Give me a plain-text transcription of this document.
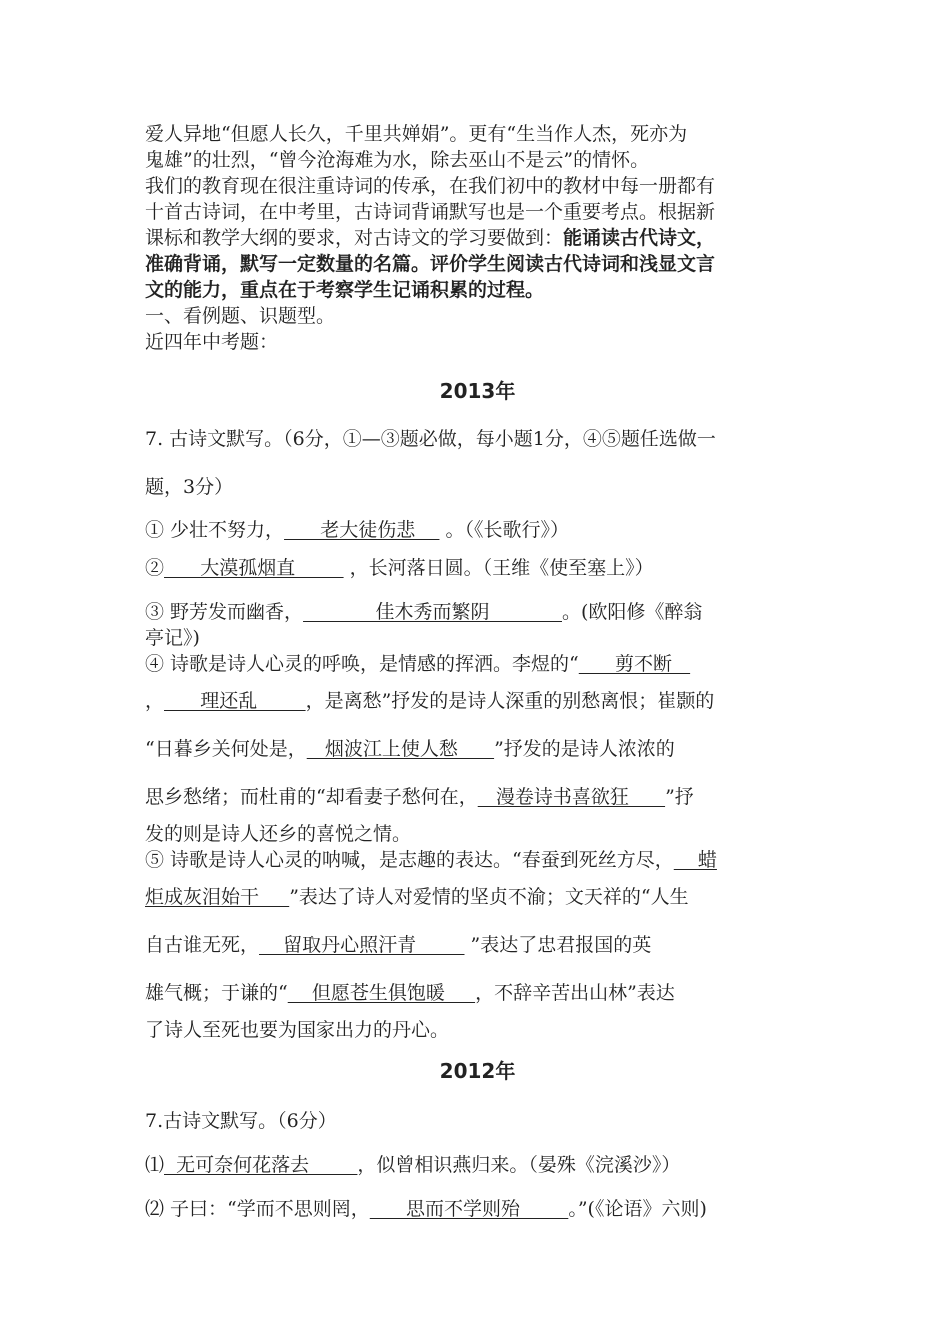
爱人异地“但愿人长久，千里共婵娟”。更有“生当作人杰，死亦为
鬼雄”的壮烈，“曾今沧海难为水，除去巫山不是云”的情怀。
我们的教育现在很注重诗词的传承，在我们初中的教材中每一册都有
十首古诗词，在中考里，古诗词背诵默写也是一个重要考点。根据新
课标和教学大纲的要求，对古诗文的学习要做到：能诵读古代诗文，
准确背诵，默写一定数量的名篇。评价学生阅读古代诗词和浅显文言
文的能力，重点在于考察学生记诵积累的过程。
一、看例题、识题型。
近四年中考题：
2013年
7. 古诗文默写。（6分，①—③题必做，每小题1分，④⑤题任选做一
题，3分）
① 少壮不努力，      老大徒伤悲     。（《长歌行》）
②      大漠孤烟直         ，长河落日圆。（王维《使至塞上》）
③ 野芳发而幽香，            佳木秀而繁阴            。(欧阳修《醉翁
亭记》)
④ 诗歌是诗人心灵的呼唤，是情感的挥洒。李煜的“      剪不断
，      理还乱        ，是离愁”抒发的是诗人深重的别愁离恨；崔颢的
“日暮乡关何处是，   烟波江上使人愁      ”抒发的是诗人浓浓的
思乡愁绪；而杜甫的“却看妻子愁何在，   漫卷诗书喜欲狂      ”抒
发的则是诗人还乡的喜悦之情。
⑤ 诗歌是诗人心灵的呐喊，是志趣的表达。“春蚕到死丝方尽，    蜡
炬成灰泪始干     ”表达了诗人对爱情的坚贞不渝；文天祥的“人生
自古谁无死，    留取丹心照汗青         ”表达了忠君报国的英
雄气概；于谦的“    但愿苍生俱饱暖     ，不辞辛苦出山林”表达
了诗人至死也要为国家出力的丹心。
2012年
7.古诗文默写。（6分）
⑴  无可奈何花落去        ，似曾相识燕归来。（晏殊《浣溪沙》）
⑵ 子曰：“学而不思则罔，      思而不学则殆        。”(《论语》六则)
